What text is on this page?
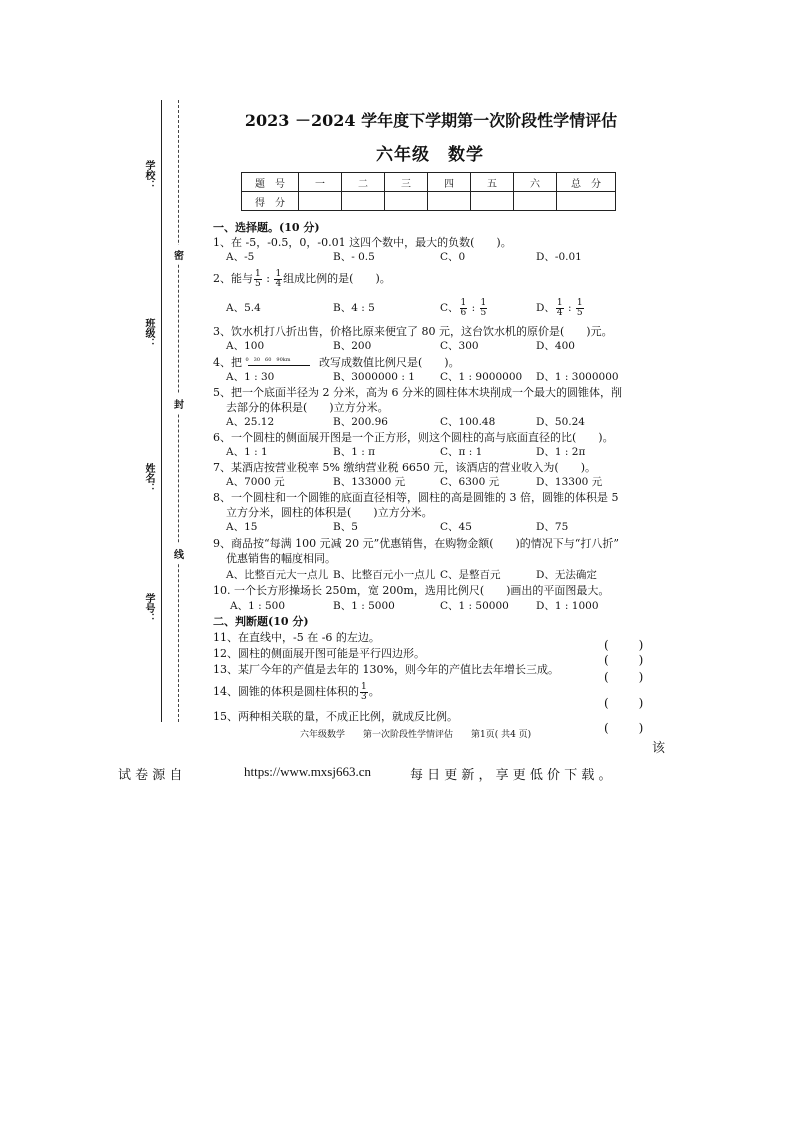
密
封
线
学校：
班级：
姓名：
学号：
2023 －2024 学年度下学期第一次阶段性学情评估
六年级　数学
题　号	一	二	三	四	五	六	总　分
得　分							
一、选择题。(10 分)
1、在 -5，-0.5，0，-0.01 这四个数中，最大的负数(　　)。
A、-5	B、- 0.5	C、0	D、-0.01
2、能与 $\frac{1}{5}$ : $\frac{1}{4}$ 组成比例的是(　　)。
A、5.4	B、4 : 5	C、 $\frac{1}{6}$ : $\frac{1}{5}$	D、 $\frac{1}{4}$ : $\frac{1}{5}$
3、饮水机打八折出售，价格比原来便宜了 80 元，这台饮水机的原价是(　　)元。
A、100	B、200	C、300	D、400
4、把 0　30　60　90km	改写成数值比例尺是(　　)。
A、1 : 30	B、3000000 : 1 C、1 : 9000000 D、1 : 3000000
5、把一个底面半径为 2 分米，高为 6 分米的圆柱体木块削成一个最大的圆锥体，削
去部分的体积是(　　)立方分米。
A、25.12	B、200.96	C、100.48	D、50.24
6、一个圆柱的侧面展开图是一个正方形，则这个圆柱的高与底面直径的比(　　)。
A、1 : 1	B、1 : π	C、π : 1	D、1 : 2π
7、某酒店按营业税率 5% 缴纳营业税 6650 元，该酒店的营业收入为(　　)。
A、7000 元	B、133000 元	C、6300 元	D、13300 元
8、一个圆柱和一个圆锥的底面直径相等，圆柱的高是圆锥的 3 倍，圆锥的体积是 5
立方分米，圆柱的体积是(　　)立方分米。
A、15	B、5	C、45	D、75
9、商品按“每满 100 元减 20 元”优惠销售，在购物金额(　　)的情况下与“打八折”
优惠销售的幅度相同。
A、比整百元大一点儿 B、比整百元小一点儿 C、是整百元	D、无法确定
10. 一个长方形操场长 250m，宽 200m，选用比例尺(　　)画出的平面图最大。
A、1 : 500	B、1 : 5000	C、1 : 50000	D、1 : 1000
二、判断题(10 分)
11、在直线中，-5 在 -6 的左边。
12、圆柱的侧面展开图可能是平行四边形。
13、某厂今年的产值是去年的 130%，则今年的产值比去年增长三成。
14、圆锥的体积是圆柱体积的 $\frac{1}{3}$ 。
15、两种相关联的量，不成正比例，就成反比例。
(　)
(　)
(　)
(　)
(　)
六年级数学　　第一次阶段性学情评估　　第1页( 共4 页)
该
试 卷 源 自	https://www.mxsj663.cn	每 日 更 新 ， 享 更 低 价 下 载 。
